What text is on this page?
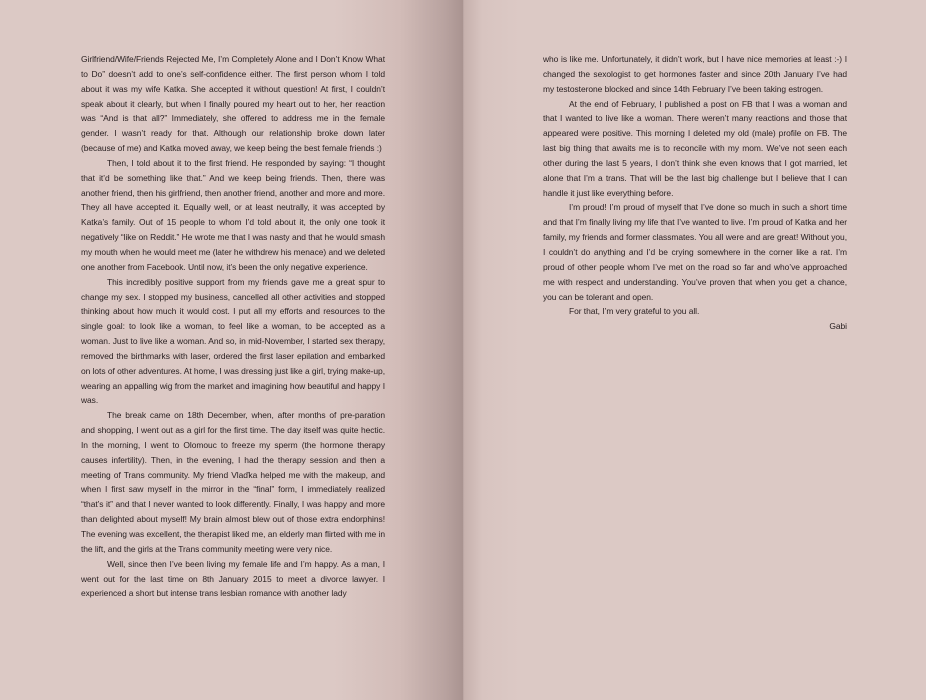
Girlfriend/Wife/Friends Rejected Me, I’m Completely Alone and I Don’t Know What to Do” doesn’t add to one’s self-confidence either. The first person whom I told about it was my wife Katka. She accepted it without question! At first, I couldn’t speak about it clearly, but when I finally poured my heart out to her, her reaction was “And is that all?” Immediately, she offered to address me in the female gender. I wasn’t ready for that. Although our relationship broke down later (because of me) and Katka moved away, we keep being the best female friends :)

Then, I told about it to the first friend. He responded by saying: “I thought that it’d be something like that.” And we keep being friends. Then, there was another friend, then his girlfriend, then another friend, another and more and more. They all have accepted it. Equally well, or at least neutrally, it was accepted by Katka’s family. Out of 15 people to whom I’d told about it, the only one took it negatively “like on Reddit.” He wrote me that I was nasty and that he would smash my mouth when he would meet me (later he withdrew his menace) and we deleted one another from Facebook. Until now, it’s been the only negative experience.

This incredibly positive support from my friends gave me a great spur to change my sex. I stopped my business, cancelled all other activities and stopped thinking about how much it would cost. I put all my efforts and resources to the single goal: to look like a woman, to feel like a woman, to be accepted as a woman. Just to live like a woman. And so, in mid-November, I started sex therapy, removed the birthmarks with laser, ordered the first laser epilation and embarked on lots of other adventures. At home, I was dressing just like a girl, trying make-up, wearing an appalling wig from the market and imagining how beautiful and happy I was.

The break came on 18th December, when, after months of pre-paration and shopping, I went out as a girl for the first time. The day itself was quite hectic. In the morning, I went to Olomouc to freeze my sperm (the hormone therapy causes infertility). Then, in the evening, I had the therapy session and then a meeting of Trans community. My friend Vlaďka helped me with the makeup, and when I first saw myself in the mirror in the “final” form, I immediately realized “that’s it” and that I never wanted to look differently. Finally, I was happy and more than delighted about myself! My brain almost blew out of those extra endorphins! The evening was excellent, the therapist liked me, an elderly man flirted with me in the lift, and the girls at the Trans community meeting were very nice.

Well, since then I’ve been living my female life and I’m happy. As a man, I went out for the last time on 8th January 2015 to meet a divorce lawyer. I experienced a short but intense trans lesbian romance with another lady

who is like me. Unfortunately, it didn’t work, but I have nice memories at least :-) I changed the sexologist to get hormones faster and since 20th January I’ve had my testosterone blocked and since 14th February I’ve been taking estrogen.

At the end of February, I published a post on FB that I was a woman and that I wanted to live like a woman. There weren’t many reactions and those that appeared were positive. This morning I deleted my old (male) profile on FB. The last big thing that awaits me is to reconcile with my mom. We’ve not seen each other during the last 5 years, I don’t think she even knows that I got married, let alone that I’m a trans. That will be the last big challenge but I believe that I can handle it just like everything before.

I’m proud! I’m proud of myself that I’ve done so much in such a short time and that I’m finally living my life that I’ve wanted to live. I’m proud of Katka and her family, my friends and former classmates. You all were and are great! Without you, I couldn’t do anything and I’d be crying somewhere in the corner like a rat. I’m proud of other people whom I’ve met on the road so far and who’ve approached me with respect and understanding. You’ve proven that when you get a chance, you can be tolerant and open.

For that, I’m very grateful to you all.

Gabi
